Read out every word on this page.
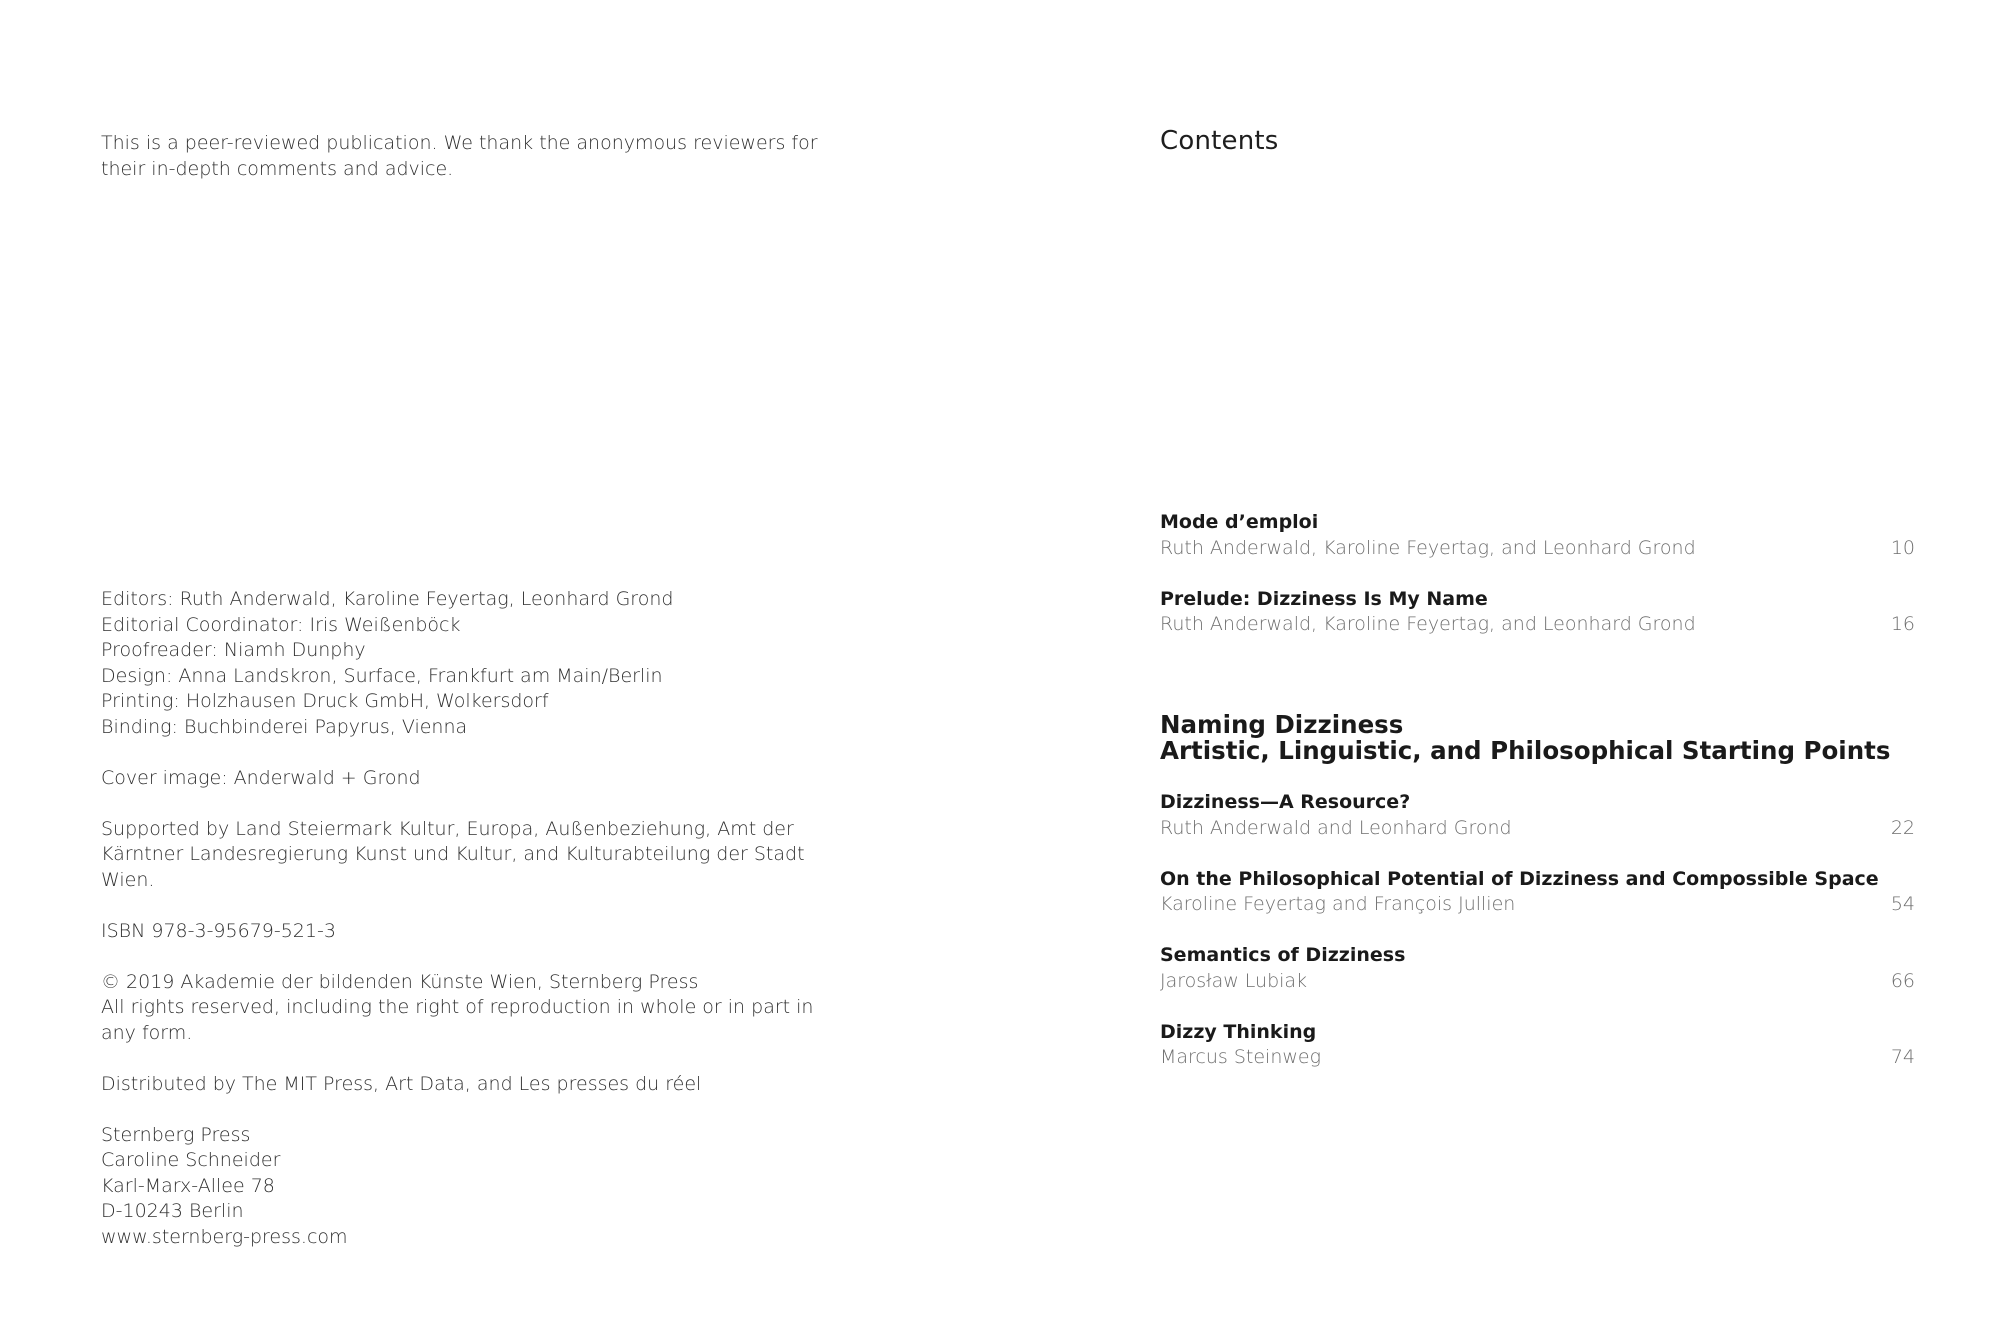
This is a peer-reviewed publication. We thank the anonymous reviewers for
their in-depth comments and advice.

Editors: Ruth Anderwald, Karoline Feyertag, Leonhard Grond
Editorial Coordinator: Iris Weißenböck
Proofreader: Niamh Dunphy
Design: Anna Landskron, Surface, Frankfurt am Main/Berlin
Printing: Holzhausen Druck GmbH, Wolkersdorf
Binding: Buchbinderei Papyrus, Vienna
Cover image: Anderwald + Grond
Supported by Land Steiermark Kultur, Europa, Außenbeziehung, Amt der
Kärntner Landesregierung Kunst und Kultur, and Kulturabteilung der Stadt
Wien.
ISBN 978-3-95679-521-3
© 2019 Akademie der bildenden Künste Wien, Sternberg Press
All rights reserved, including the right of reproduction in whole or in part in
any form.
Distributed by The MIT Press, Art Data, and Les presses du réel
Sternberg Press
Caroline Schneider
Karl-Marx-Allee 78
D-10243 Berlin
www.sternberg-press.com
Contents
Mode d’emploi
Ruth Anderwald, Karoline Feyertag, and Leonhard Grond	10
Prelude: Dizziness Is My Name
Ruth Anderwald, Karoline Feyertag, and Leonhard Grond	16
Naming Dizziness
Artistic, Linguistic, and Philosophical Starting Points
Dizziness—A Resource?
Ruth Anderwald and Leonhard Grond	22
On the Philosophical Potential of Dizziness and Compossible Space
Karoline Feyertag and François Jullien	54
Semantics of Dizziness
Jarosław Lubiak	66
Dizzy Thinking
Marcus Steinweg	74
